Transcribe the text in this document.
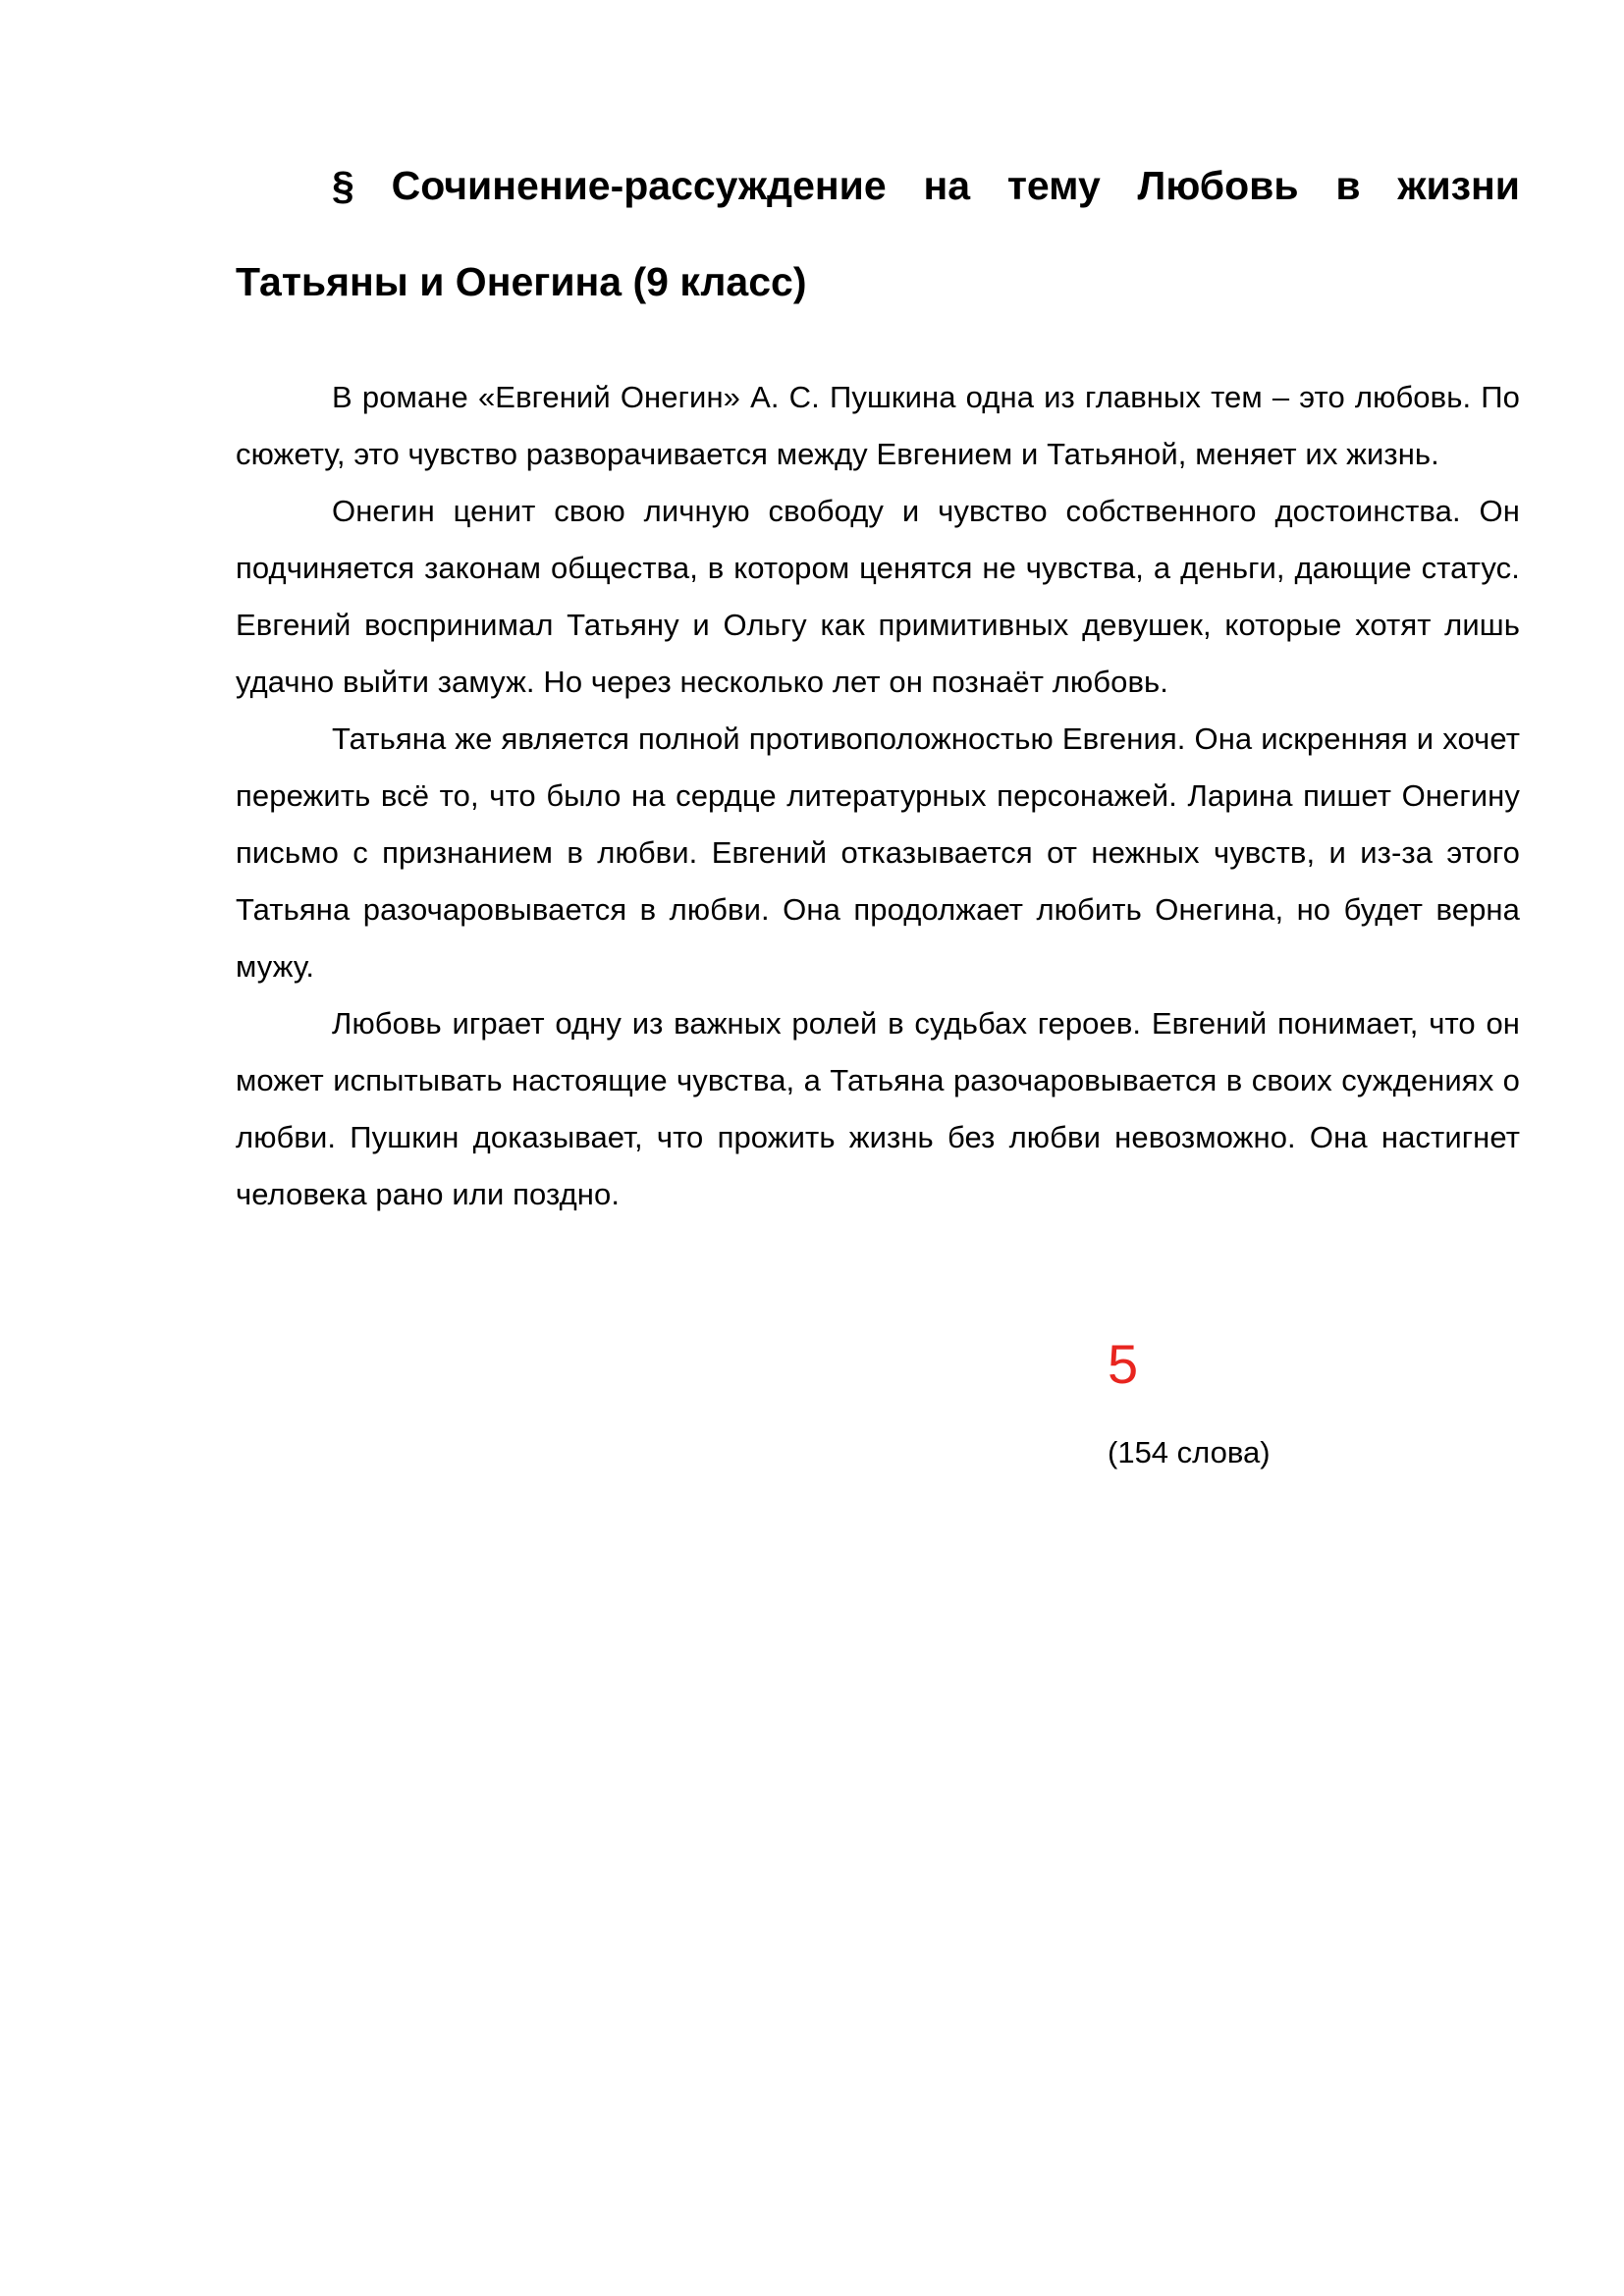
§ Сочинение-рассуждение на тему Любовь в жизни Татьяны и Онегина (9 класс)

В романе «Евгений Онегин» А. С. Пушкина одна из главных тем – это любовь. По сюжету, это чувство разворачивается между Евгением и Татьяной, меняет их жизнь.

Онегин ценит свою личную свободу и чувство собственного достоинства. Он подчиняется законам общества, в котором ценятся не чувства, а деньги, дающие статус. Евгений воспринимал Татьяну и Ольгу как примитивных девушек, которые хотят лишь удачно выйти замуж. Но через несколько лет он познаёт любовь.

Татьяна же является полной противоположностью Евгения. Она искренняя и хочет пережить всё то, что было на сердце литературных персонажей. Ларина пишет Онегину письмо с признанием в любви. Евгений отказывается от нежных чувств, и из-за этого Татьяна разочаровывается в любви. Она продолжает любить Онегина, но будет верна мужу.

Любовь играет одну из важных ролей в судьбах героев. Евгений понимает, что он может испытывать настоящие чувства, а Татьяна разочаровывается в своих суждениях о любви. Пушкин доказывает, что прожить жизнь без любви невозможно. Она настигнет человека рано или поздно.

5
(154 слова)
